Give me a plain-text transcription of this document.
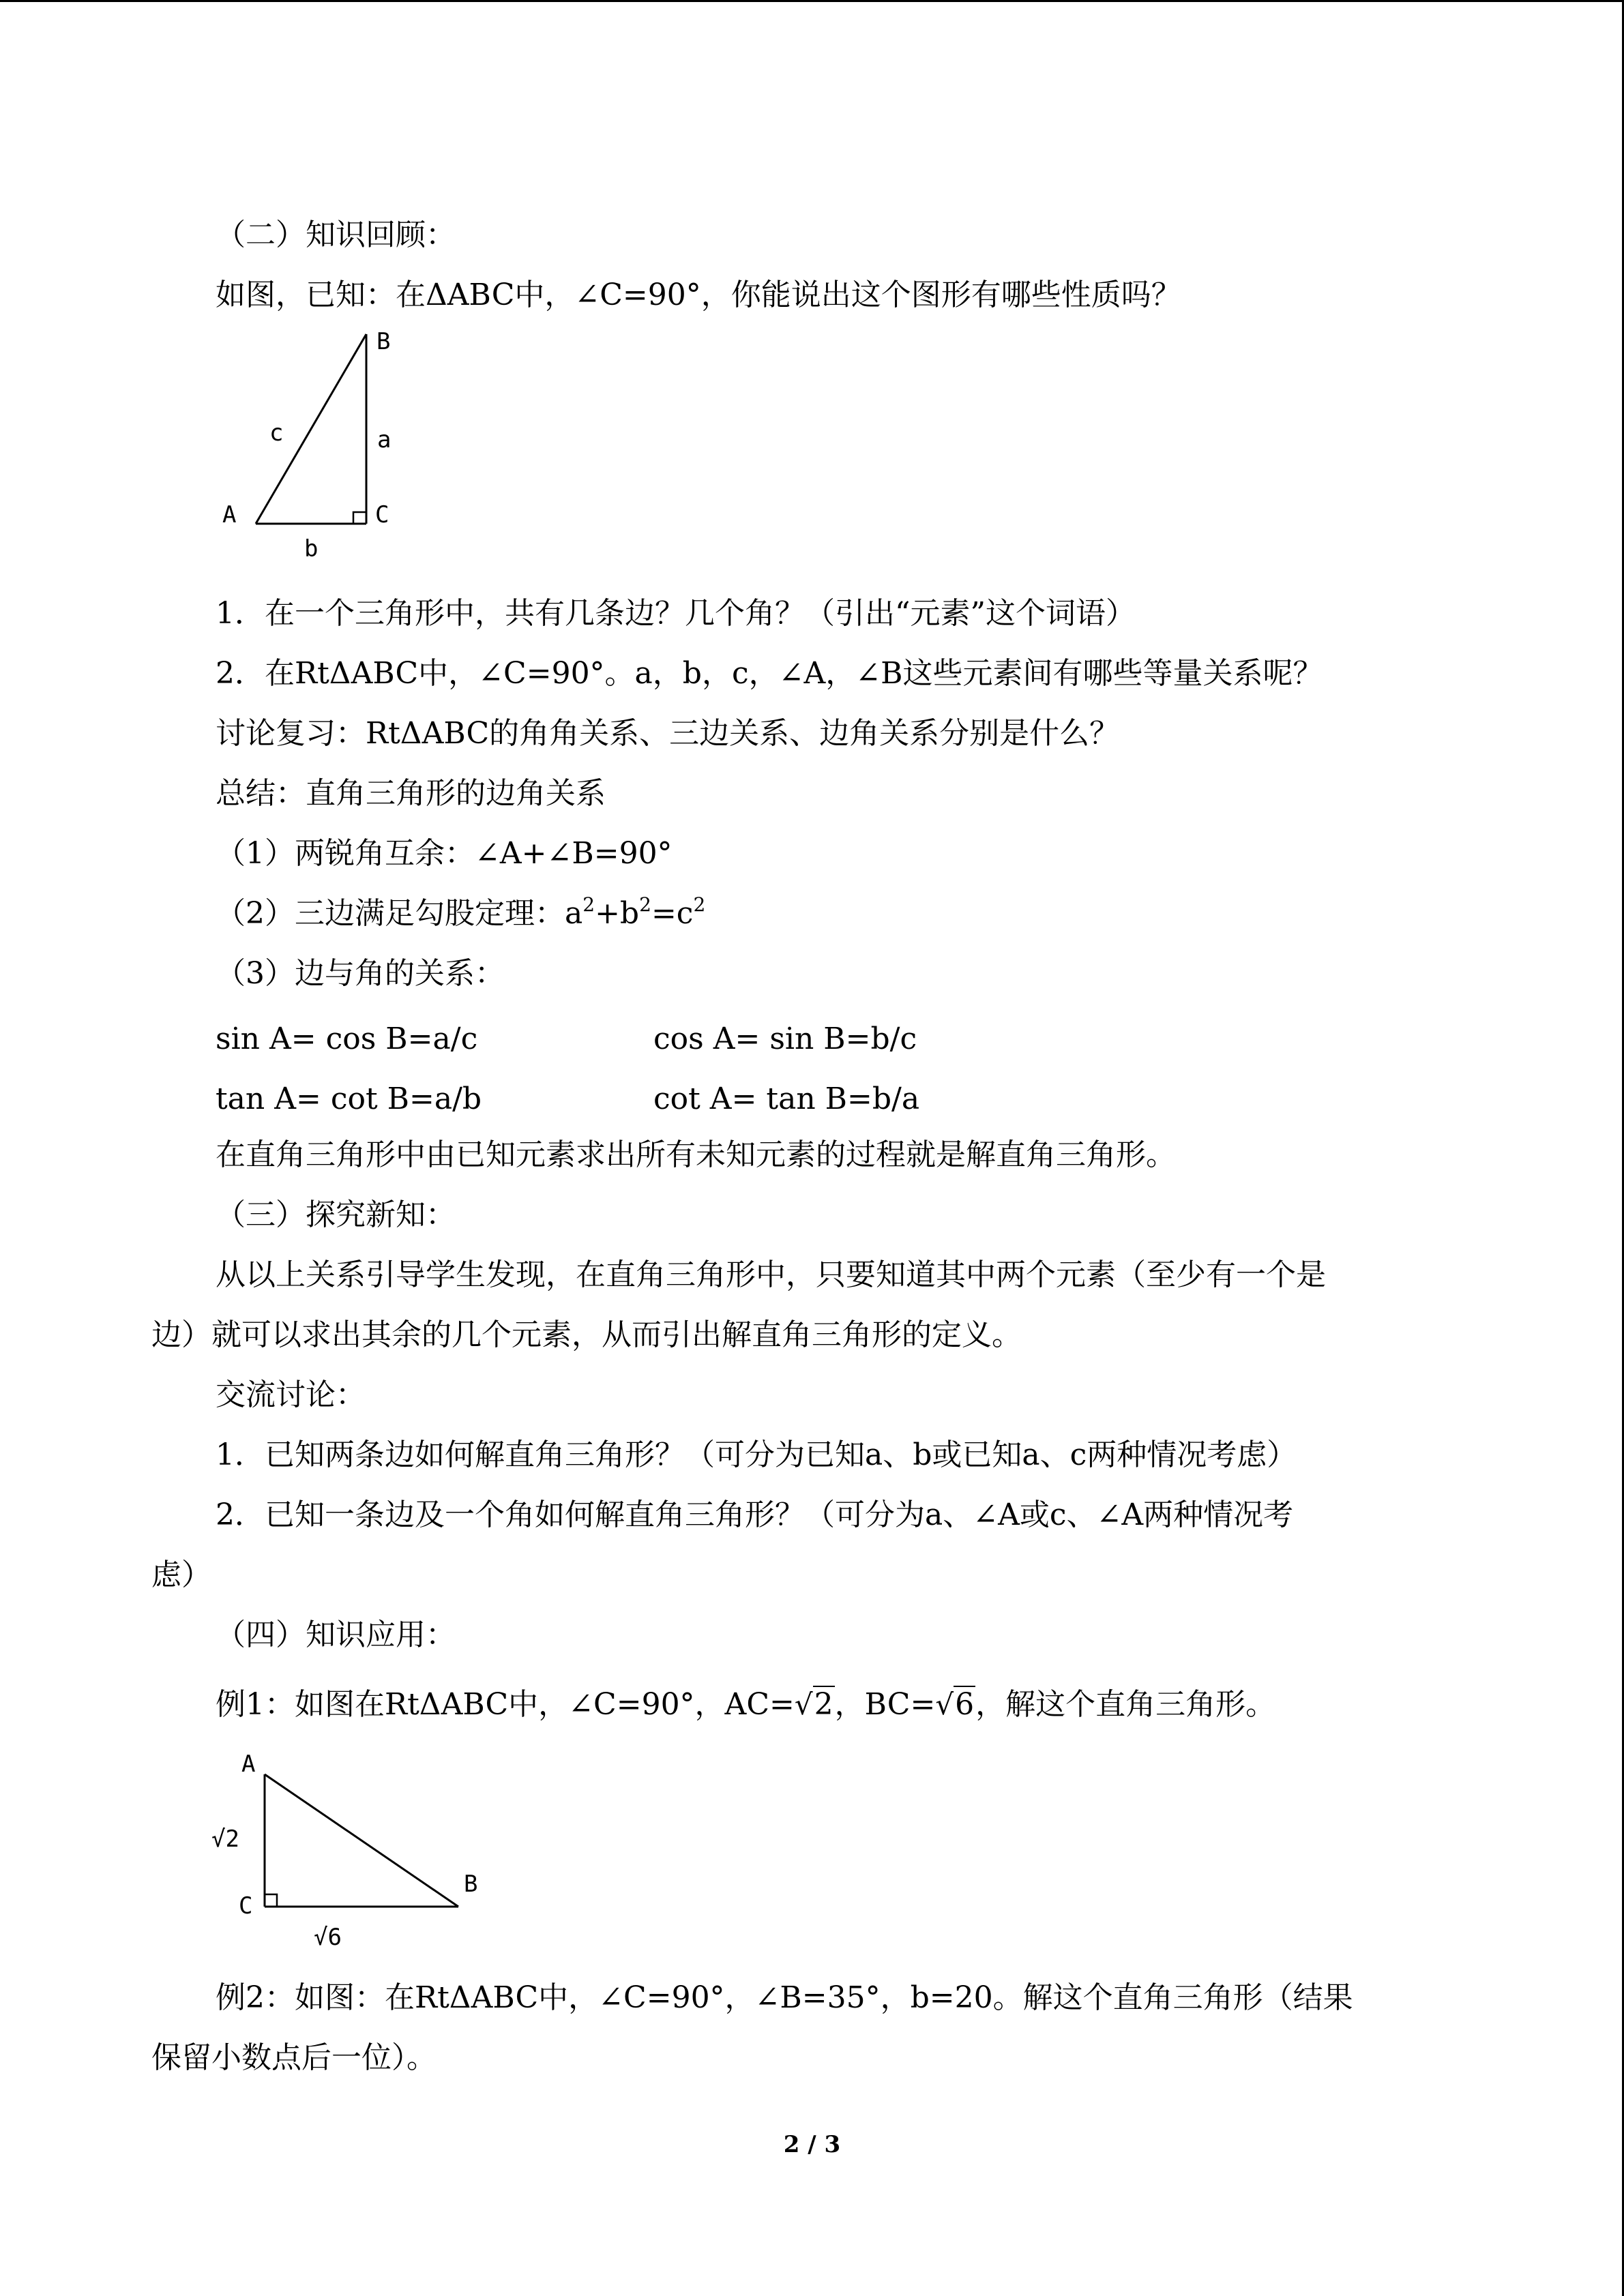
（二）知识回顾：
如图，已知：在ΔABC中，∠C=90°，你能说出这个图形有哪些性质吗？
B
a
c
A	C
b
1．在一个三角形中，共有几条边？几个角？（引出“元素”这个词语）
2．在RtΔABC中，∠C=90°。a，b，c，∠A，∠B这些元素间有哪些等量关系呢？
讨论复习：RtΔABC的角角关系、三边关系、边角关系分别是什么？
总结：直角三角形的边角关系
（1）两锐角互余：∠A+∠B=90°
（2）三边满足勾股定理：$a^2+b^2=c^2$
（3）边与角的关系：
sin A= cos B=a/c	cos A= sin B=b/c
tan A= cot B=a/b	cot A= tan B=b/a
在直角三角形中由已知元素求出所有未知元素的过程就是解直角三角形。
（三）探究新知：
从以上关系引导学生发现，在直角三角形中，只要知道其中两个元素（至少有一个是
边）就可以求出其余的几个元素，从而引出解直角三角形的定义。
交流讨论：
1．已知两条边如何解直角三角形？（可分为已知a、b或已知a、c两种情况考虑）
2．已知一条边及一个角如何解直角三角形？（可分为a、∠A或c、∠A两种情况考
虑）
（四）知识应用：
例1：如图在RtΔABC中，∠C=90°，AC=√2，BC=√6，解这个直角三角形。
A
√2
C
B
√6
例2：如图：在RtΔABC中，∠C=90°，∠B=35°，b=20。解这个直角三角形（结果
保留小数点后一位）。
2 / 3
